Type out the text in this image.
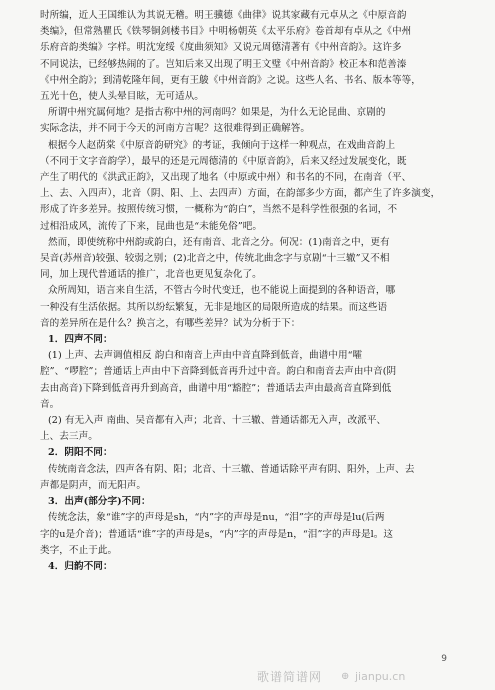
时所编，近人王国维认为其说无稽。明王骥德《曲律》说其家藏有元卓从之《中原音韵
类编》，但常熟瞿氏《铁琴铜剑楼书目》中明杨朝英《太平乐府》卷首却有卓从之《中州
乐府音韵类编》字样。明沈宠绥《度曲须知》又说元周德清著有《中州音韵》。这许多
不同说法，已经够热闹的了。岂知后来又出现了明王文璧《中州音韵》校正本和范善溱
《中州全韵》；到清乾隆年间，更有王鵔《中州音韵》之说。这些人名、书名、版本等等，
五光十色，使人头晕目眩，无可适从。
所谓中州究属何地？是指古称中州的河南吗？如果是，为什么无论昆曲、京剧的
实际念法，并不同于今天的河南方言呢？这很难得到正确解答。
根据今人赵荫棠《中原音韵研究》的考证，我倾向于这样一种观点，在戏曲音韵上
（不同于文字音韵学），最早的还是元周德清的《中原音韵》，后来又经过发展变化，既
产生了明代的《洪武正韵》，又出现了地名（中原或中州）和书名的不同，在南音（平、
上、去、入四声），北音（阴、阳、上、去四声）方面，在韵部多少方面，都产生了许多演变，
形成了许多差异。按照传统习惯，一概称为“韵白”，当然不是科学性很强的名词，不
过相沿成风，流传了下来，昆曲也是“未能免俗”吧。
然而，即使统称中州韵或韵白，还有南音、北音之分。何况：(1)南音之中，更有
吴音(苏州音)较强、较弱之别；(2)北音之中，传统北曲念字与京剧“十三辙”又不相
同，加上现代普通话的推广，北音也更见复杂化了。
众所周知，语言来自生活，不管古今时代变迁，也不能说上面提到的各种语音，哪
一种没有生活依据。其所以纷纭繁复，无非是地区的局限所造成的结果。而这些语
音的差异所在是什么？换言之，有哪些差异？试为分析于下：
1．四声不同：
(1) 上声、去声调值相反 韵白和南音上声由中音直降到低音，曲谱中用“嚯
腔”、“啰腔”；普通话上声由中下音降到低音再升过中音。韵白和南音去声由中音(阴
去由高音)下降到低音再升到高音，曲谱中用“豁腔”；普通话去声由最高音直降到低
音。
(2) 有无入声 南曲、吴音都有入声；北音、十三辙、普通话都无入声，改派平、
上、去三声。
2．阴阳不同：
传统南音念法，四声各有阴、阳；北音、十三辙、普通话除平声有阴、阳外，上声、去
声都是阴声，而无阳声。
3．出声(部分字)不同：
传统念法，象“谁”字的声母是sh，“内”字的声母是nu，“泪”字的声母是lu(后两
字的u是介音)；普通话“谁”字的声母是s，“内”字的声母是n，“泪”字的声母是l。这
类字，不止于此。
4．归韵不同：
9
歌谱简谱网 ⊕ jianpu.cn
